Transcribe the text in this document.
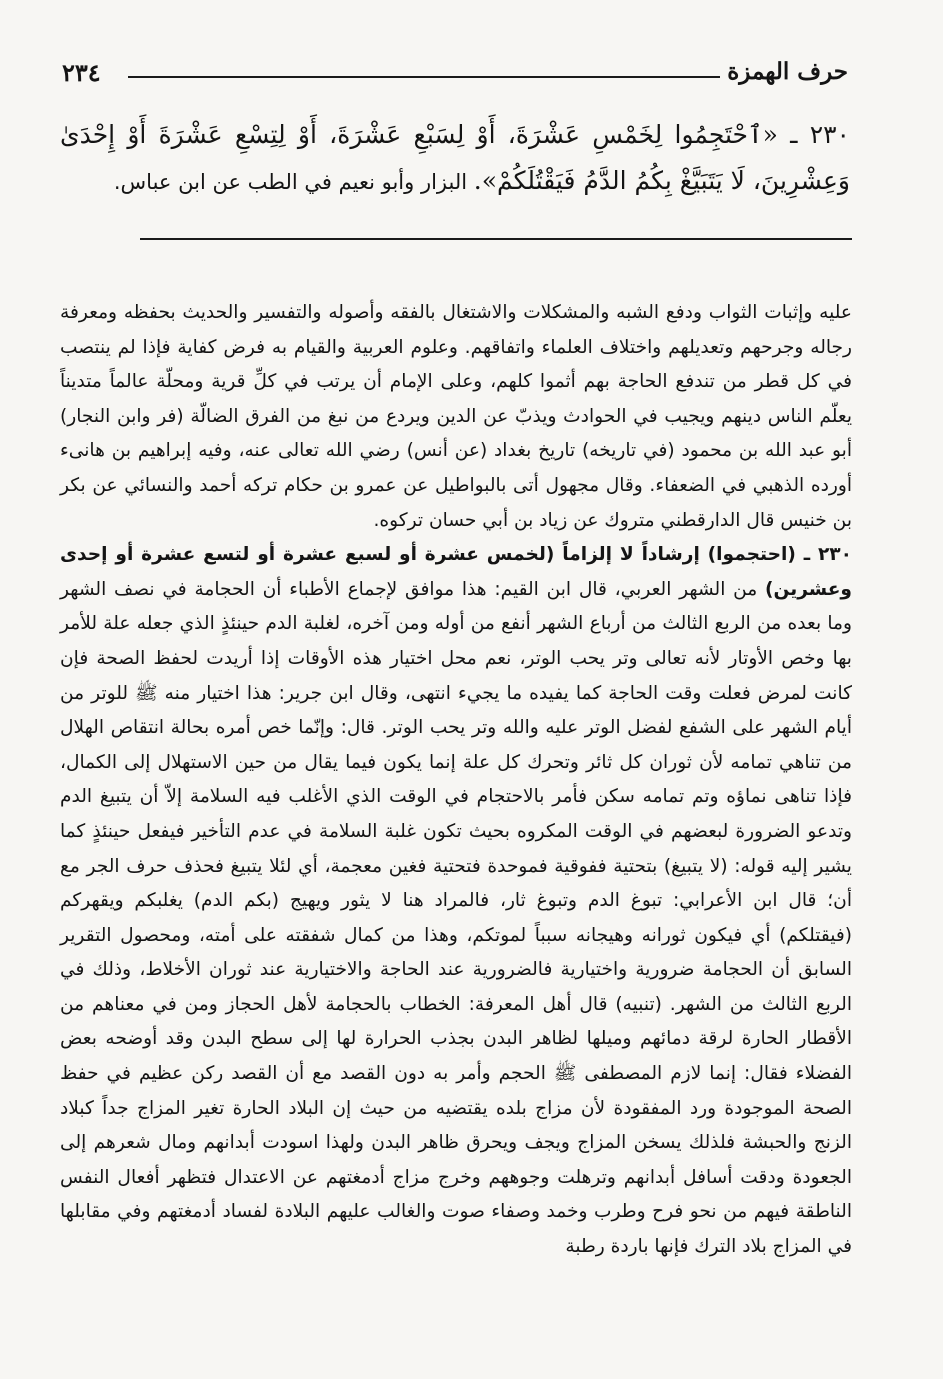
٢٣٤	حرف الهمزة
٢٣٠ ـ «ٱحْتَجِمُوا لِخَمْسِ عَشْرَةَ، أَوْ لِسَبْعِ عَشْرَةَ، أَوْ لِتِسْعِ عَشْرَةَ أَوْ إِحْدَىٰ وَعِشْرِينَ، لَا يَتَبَيَّغْ بِكُمُ الدَّمُ فَيَقْتُلَكُمْ». البزار وأبو نعيم في الطب عن ابن عباس.

عليه وإثبات الثواب ودفع الشبه والمشكلات والاشتغال بالفقه وأصوله والتفسير والحديث بحفظه ومعرفة رجاله وجرحهم وتعديلهم واختلاف العلماء واتفاقهم. وعلوم العربية والقيام به فرض كفاية فإذا لم ينتصب في كل قطر من تندفع الحاجة بهم أثموا كلهم، وعلى الإمام أن يرتب في كلِّ قرية ومحلّة عالماً متديناً يعلّم الناس دينهم ويجيب في الحوادث ويذبّ عن الدين ويردع من نبغ من الفرق الضالّة (فر وابن النجار) أبو عبد الله بن محمود (في تاريخه) تاريخ بغداد (عن أنس) رضي الله تعالى عنه، وفيه إبراهيم بن هانىء أورده الذهبي في الضعفاء. وقال مجهول أتى بالبواطيل عن عمرو بن حكام تركه أحمد والنسائي عن بكر بن خنيس قال الدارقطني متروك عن زياد بن أبي حسان تركوه.

٢٣٠ ـ (احتجموا) إرشاداً لا إلزاماً (لخمس عشرة أو لسبع عشرة أو لتسع عشرة أو إحدى وعشرين) من الشهر العربي، قال ابن القيم: هذا موافق لإجماع الأطباء أن الحجامة في نصف الشهر وما بعده من الربع الثالث من أرباع الشهر أنفع من أوله ومن آخره، لغلبة الدم حينئذٍ الذي جعله علة للأمر بها وخص الأوتار لأنه تعالى وتر يحب الوتر، نعم محل اختيار هذه الأوقات إذا أريدت لحفظ الصحة فإن كانت لمرض فعلت وقت الحاجة كما يفيده ما يجيء انتهى، وقال ابن جرير: هذا اختيار منه ﷺ للوتر من أيام الشهر على الشفع لفضل الوتر عليه والله وتر يحب الوتر. قال: وإنّما خص أمره بحالة انتقاص الهلال من تناهي تمامه لأن ثوران كل ثائر وتحرك كل علة إنما يكون فيما يقال من حين الاستهلال إلى الكمال، فإذا تناهى نماؤه وتم تمامه سكن فأمر بالاحتجام في الوقت الذي الأغلب فيه السلامة إلاّ أن يتبيغ الدم وتدعو الضرورة لبعضهم في الوقت المكروه بحيث تكون غلبة السلامة في عدم التأخير فيفعل حينئذٍ كما يشير إليه قوله: (لا يتبيغ) بتحتية ففوقية فموحدة فتحتية فغين معجمة، أي لئلا يتبيغ فحذف حرف الجر مع أن؛ قال ابن الأعرابي: تبوغ الدم وتبوغ ثار، فالمراد هنا لا يثور ويهيج (بكم الدم) يغلبكم ويقهركم (فيقتلكم) أي فيكون ثورانه وهيجانه سبباً لموتكم، وهذا من كمال شفقته على أمته، ومحصول التقرير السابق أن الحجامة ضرورية واختيارية فالضرورية عند الحاجة والاختيارية عند ثوران الأخلاط، وذلك في الربع الثالث من الشهر. (تنبيه) قال أهل المعرفة: الخطاب بالحجامة لأهل الحجاز ومن في معناهم من الأقطار الحارة لرقة دمائهم وميلها لظاهر البدن بجذب الحرارة لها إلى سطح البدن وقد أوضحه بعض الفضلاء فقال: إنما لازم المصطفى ﷺ الحجم وأمر به دون القصد مع أن القصد ركن عظيم في حفظ الصحة الموجودة ورد المفقودة لأن مزاج بلده يقتضيه من حيث إن البلاد الحارة تغير المزاج جداً كبلاد الزنج والحبشة فلذلك يسخن المزاج ويجف ويحرق ظاهر البدن ولهذا اسودت أبدانهم ومال شعرهم إلى الجعودة ودقت أسافل أبدانهم وترهلت وجوههم وخرج مزاج أدمغتهم عن الاعتدال فتظهر أفعال النفس الناطقة فيهم من نحو فرح وطرب وخمد وصفاء صوت والغالب عليهم البلادة لفساد أدمغتهم وفي مقابلها في المزاج بلاد الترك فإنها باردة رطبة
